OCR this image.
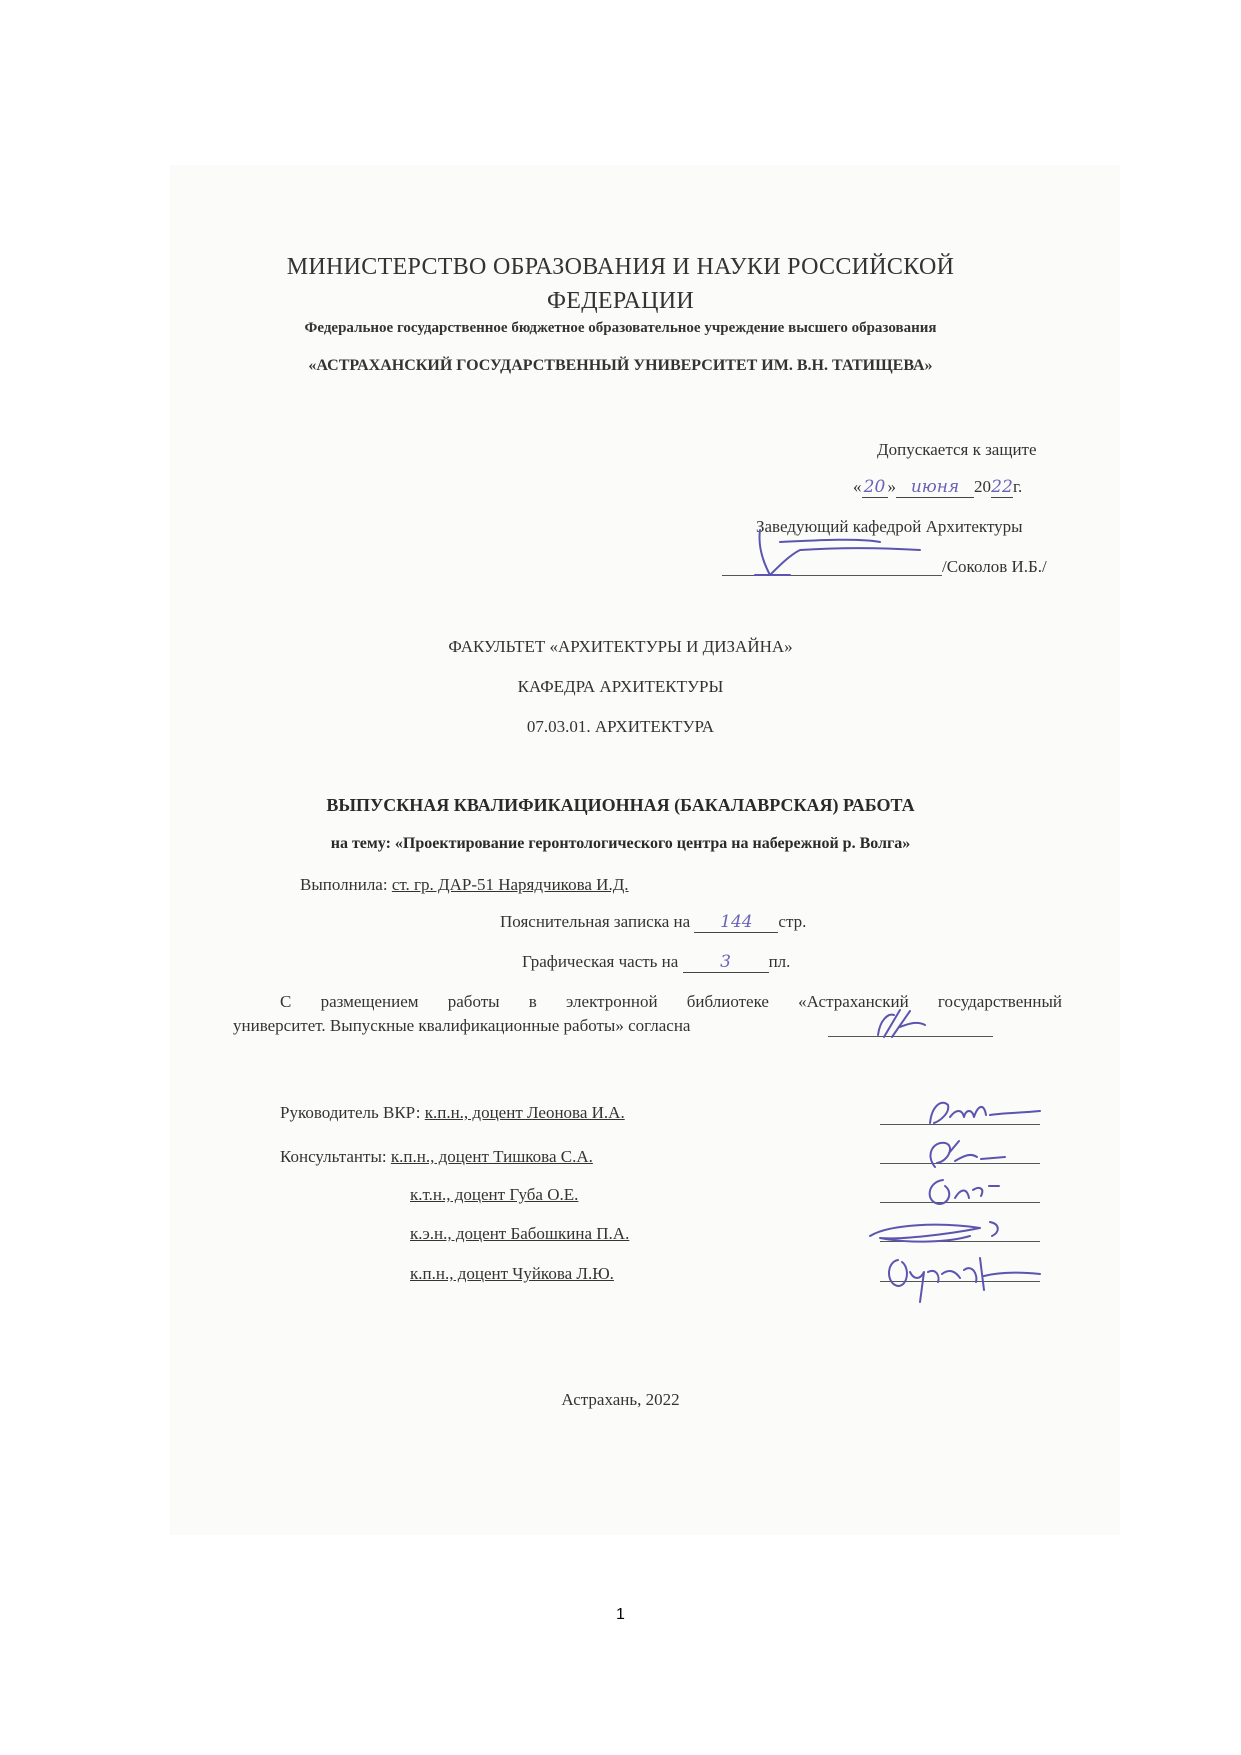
МИНИСТЕРСТВО ОБРАЗОВАНИЯ И НАУКИ РОССИЙСКОЙ
ФЕДЕРАЦИИ
Федеральное государственное бюджетное образовательное учреждение высшего образования
«АСТРАХАНСКИЙ ГОСУДАРСТВЕННЫЙ УНИВЕРСИТЕТ ИМ. В.Н. ТАТИЩЕВА»
Допускается к защите
« 20 » июня 2022г.
Заведующий кафедрой Архитектуры
/Соколов И.Б./
ФАКУЛЬТЕТ «АРХИТЕКТУРЫ И ДИЗАЙНА»
КАФЕДРА АРХИТЕКТУРЫ
07.03.01. АРХИТЕКТУРА
ВЫПУСКНАЯ КВАЛИФИКАЦИОННАЯ (БАКАЛАВРСКАЯ) РАБОТА
на тему: «Проектирование геронтологического центра на набережной р. Волга»
Выполнила: ст. гр. ДАР-51 Нарядчикова И.Д.
Пояснительная записка на 144 стр.
Графическая часть на 3 пл.
С размещением работы в электронной библиотеке «Астраханский государственный
университет. Выпускные квалификационные работы» согласна
Руководитель ВКР: к.п.н., доцент Леонова И.А.
Консультанты: к.п.н., доцент Тишкова С.А.
к.т.н., доцент Губа О.Е.
к.э.н., доцент Бабошкина П.А.
к.п.н., доцент Чуйкова Л.Ю.
Астрахань, 2022
1
